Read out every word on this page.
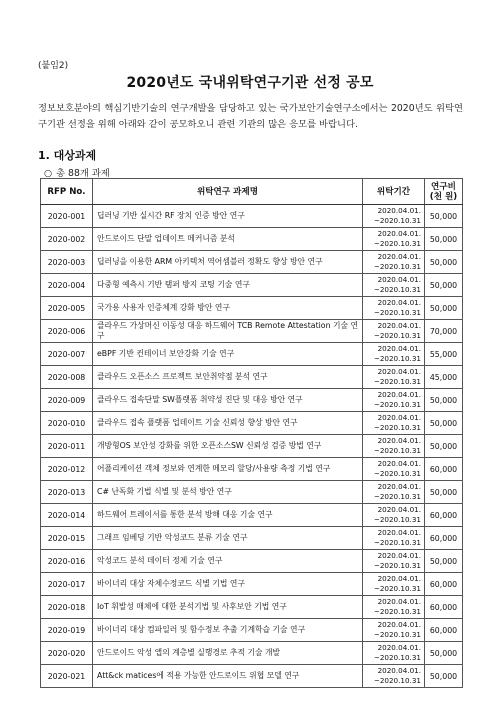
(붙임2)
2020년도 국내위탁연구기관 선정 공모
정보보호분야의 핵심기반기술의 연구개발을 담당하고 있는 국가보안기술연구소에서는 2020년도 위탁연구기관 선정을 위해 아래와 같이 공모하오니 관련 기관의 많은 응모를 바랍니다.
1. 대상과제
○ 총 88개 과제
RFP No.	위탁연구 과제명	위탁기간	연구비
(천 원)
2020-001	딥러닝 기반 실시간 RF 장치 인증 방안 연구	2020.04.01.
~2020.10.31	50,000
2020-002	안드로이드 단말 업데이트 메커니즘 분석	2020.04.01.
~2020.10.31	50,000
2020-003	딥러닝을 이용한 ARM 아키텍처 역어셈블러 정확도 향상 방안 연구	2020.04.01.
~2020.10.31	50,000
2020-004	다중형 예측시 기반 탬퍼 방지 코팅 기술 연구	2020.04.01.
~2020.10.31	50,000
2020-005	국가용 사용자 인증체계 강화 방안 연구	2020.04.01.
~2020.10.31	50,000
2020-006	클라우드 가상머신 이동성 대응 하드웨어 TCB Remote Attestation 기술 연구	2020.04.01.
~2020.10.31	70,000
2020-007	eBPF 기반 컨테이너 보안강화 기술 연구	2020.04.01.
~2020.10.31	55,000
2020-008	클라우드 오픈소스 프로젝트 보안취약점 분석 연구	2020.04.01.
~2020.10.31	45,000
2020-009	클라우드 접속단말 SW플랫폼 취약성 진단 및 대응 방안 연구	2020.04.01.
~2020.10.31	50,000
2020-010	클라우드 접속 플랫폼 업데이트 기술 신뢰성 향상 방안 연구	2020.04.01.
~2020.10.31	50,000
2020-011	개방형OS 보안성 강화를 위한 오픈소스SW 신뢰성 검증 방법 연구	2020.04.01.
~2020.10.31	50,000
2020-012	어플리케이션 객체 정보와 연계한 메모리 할당/사용량 측정 기법 연구	2020.04.01.
~2020.10.31	60,000
2020-013	C# 난독화 기법 식별 및 분석 방안 연구	2020.04.01.
~2020.10.31	50,000
2020-014	하드웨어 트레이서를 통한 분석 방해 대응 기술 연구	2020.04.01.
~2020.10.31	60,000
2020-015	그래프 임베딩 기반 악성코드 분류 기술 연구	2020.04.01.
~2020.10.31	60,000
2020-016	악성코드 분석 데이터 정제 기술 연구	2020.04.01.
~2020.10.31	50,000
2020-017	바이너리 대상 자체수정코드 식별 기법 연구	2020.04.01.
~2020.10.31	60,000
2020-018	IoT 휘발성 매체에 대한 분석기법 및 사후보안 기법 연구	2020.04.01.
~2020.10.31	60,000
2020-019	바이너리 대상 컴파일러 및 함수정보 추출 기계학습 기술 연구	2020.04.01.
~2020.10.31	60,000
2020-020	안드로이드 악성 앱의 계층별 실행경로 추적 기술 개발	2020.04.01.
~2020.10.31	50,000
2020-021	Att&ck matices에 적용 가능한 안드로이드 위협 모델 연구	2020.04.01.
~2020.10.31	50,000
